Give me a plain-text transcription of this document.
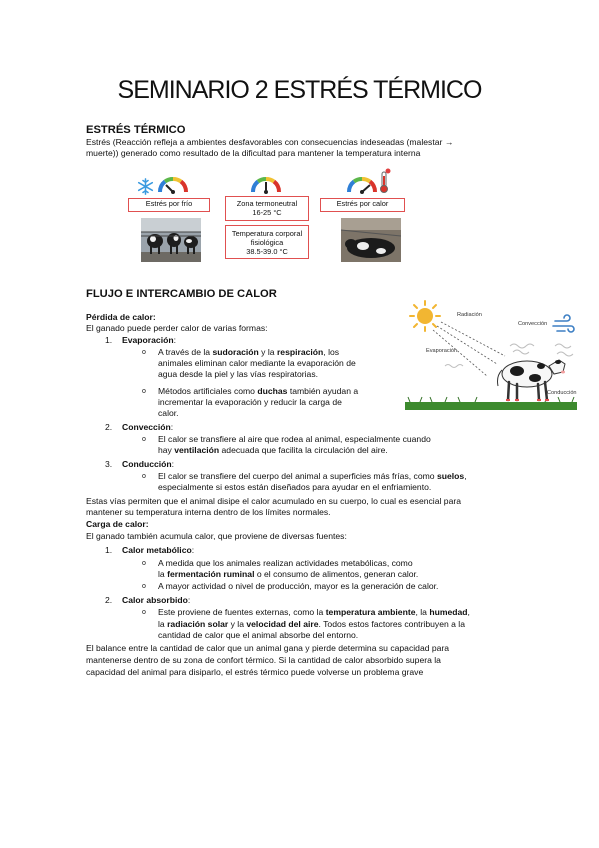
SEMINARIO 2 ESTRÉS TÉRMICO
ESTRÉS TÉRMICO
Estrés (Reacción refleja a ambientes desfavorables con consecuencias indeseadas (malestar →
muerte)) generado como resultado de la dificultad para mantener la temperatura interna
Estrés por frío	Zona termoneutral
16-25 °C
Estrés por calor
Temperatura corporal
fisiológica
38.5-39.0 °C
FLUJO E INTERCAMBIO DE CALOR
Pérdida de calor:
El ganado puede perder calor de varias formas:
1. Evaporación:
o A través de la sudoración y la respiración, los
animales eliminan calor mediante la evaporación de
agua desde la piel y las vías respiratorias.
o Métodos artificiales como duchas también ayudan a
incrementar la evaporación y reducir la carga de
calor.
2. Convección:
o El calor se transfiere al aire que rodea al animal, especialmente cuando
hay ventilación adecuada que facilita la circulación del aire.
3. Conducción:
o El calor se transfiere del cuerpo del animal a superficies más frías, como suelos,
especialmente si estos están diseñados para ayudar en el enfriamiento.
Estas vías permiten que el animal disipe el calor acumulado en su cuerpo, lo cual es esencial para
mantener su temperatura interna dentro de los límites normales.
Carga de calor:
El ganado también acumula calor, que proviene de diversas fuentes:
1. Calor metabólico:
o A medida que los animales realizan actividades metabólicas, como
la fermentación ruminal o el consumo de alimentos, generan calor.
o A mayor actividad o nivel de producción, mayor es la generación de calor.
2. Calor absorbido:
o Este proviene de fuentes externas, como la temperatura ambiente, la humedad,
la radiación solar y la velocidad del aire. Todos estos factores contribuyen a la
cantidad de calor que el animal absorbe del entorno.
El balance entre la cantidad de calor que un animal gana y pierde determina su capacidad para
mantenerse dentro de su zona de confort térmico. Si la cantidad de calor absorbido supera la
capacidad del animal para disiparlo, el estrés térmico puede volverse un problema grave
Radiación
Convección
Evaporación
Conducción
